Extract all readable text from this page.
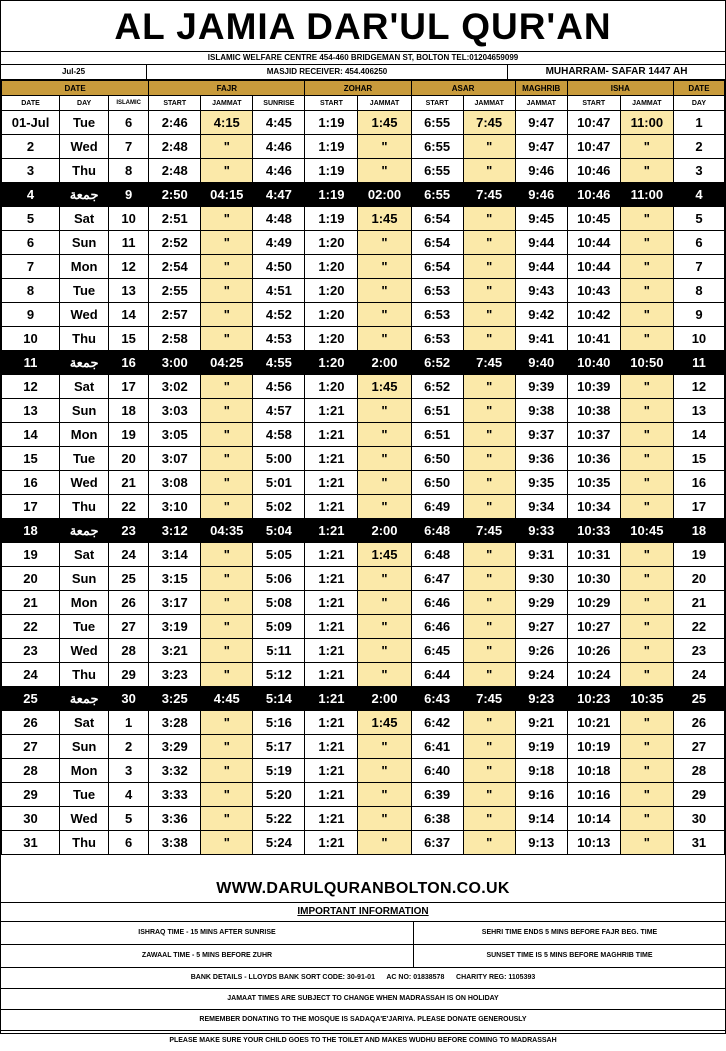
AL JAMIA DAR'UL QUR'AN
ISLAMIC WELFARE CENTRE 454-460 BRIDGEMAN ST, BOLTON TEL:01204659099
Jul-25	MASJID RECEIVER: 454.406250	MUHARRAM- SAFAR 1447 AH
DATE			FAJR			ZOHAR		ASAR		MAGHRIB	ISHA		DATE
DATE	DAY	ISLAMIC	START	JAMMAT	SUNRISE	START	JAMMAT	START	JAMMAT	JAMMAT	START	JAMMAT	DAY
01-Jul	Tue	6	2:46	4:15	4:45	1:19	1:45	6:55	7:45	9:47	10:47	11:00	1
2	Wed	7	2:48	"	4:46	1:19	"	6:55	"	9:47	10:47	"	2
3	Thu	8	2:48	"	4:46	1:19	"	6:55	"	9:46	10:46	"	3
4	جمعة	9	2:50	04:15	4:47	1:19	02:00	6:55	7:45	9:46	10:46	11:00	4
5	Sat	10	2:51	"	4:48	1:19	1:45	6:54	"	9:45	10:45	"	5
6	Sun	11	2:52	"	4:49	1:20	"	6:54	"	9:44	10:44	"	6
7	Mon	12	2:54	"	4:50	1:20	"	6:54	"	9:44	10:44	"	7
8	Tue	13	2:55	"	4:51	1:20	"	6:53	"	9:43	10:43	"	8
9	Wed	14	2:57	"	4:52	1:20	"	6:53	"	9:42	10:42	"	9
10	Thu	15	2:58	"	4:53	1:20	"	6:53	"	9:41	10:41	"	10
11	جمعة	16	3:00	04:25	4:55	1:20	2:00	6:52	7:45	9:40	10:40	10:50	11
12	Sat	17	3:02	"	4:56	1:20	1:45	6:52	"	9:39	10:39	"	12
13	Sun	18	3:03	"	4:57	1:21	"	6:51	"	9:38	10:38	"	13
14	Mon	19	3:05	"	4:58	1:21	"	6:51	"	9:37	10:37	"	14
15	Tue	20	3:07	"	5:00	1:21	"	6:50	"	9:36	10:36	"	15
16	Wed	21	3:08	"	5:01	1:21	"	6:50	"	9:35	10:35	"	16
17	Thu	22	3:10	"	5:02	1:21	"	6:49	"	9:34	10:34	"	17
18	جمعة	23	3:12	04:35	5:04	1:21	2:00	6:48	7:45	9:33	10:33	10:45	18
19	Sat	24	3:14	"	5:05	1:21	1:45	6:48	"	9:31	10:31	"	19
20	Sun	25	3:15	"	5:06	1:21	"	6:47	"	9:30	10:30	"	20
21	Mon	26	3:17	"	5:08	1:21	"	6:46	"	9:29	10:29	"	21
22	Tue	27	3:19	"	5:09	1:21	"	6:46	"	9:27	10:27	"	22
23	Wed	28	3:21	"	5:11	1:21	"	6:45	"	9:26	10:26	"	23
24	Thu	29	3:23	"	5:12	1:21	"	6:44	"	9:24	10:24	"	24
25	جمعة	30	3:25	4:45	5:14	1:21	2:00	6:43	7:45	9:23	10:23	10:35	25
26	Sat	1	3:28	"	5:16	1:21	1:45	6:42	"	9:21	10:21	"	26
27	Sun	2	3:29	"	5:17	1:21	"	6:41	"	9:19	10:19	"	27
28	Mon	3	3:32	"	5:19	1:21	"	6:40	"	9:18	10:18	"	28
29	Tue	4	3:33	"	5:20	1:21	"	6:39	"	9:16	10:16	"	29
30	Wed	5	3:36	"	5:22	1:21	"	6:38	"	9:14	10:14	"	30
31	Thu	6	3:38	"	5:24	1:21	"	6:37	"	9:13	10:13	"	31
WWW.DARULQURANBOLTON.CO.UK
IMPORTANT INFORMATION
ISHRAQ TIME - 15 MINS AFTER SUNRISE	SEHRI TIME ENDS 5 MINS BEFORE FAJR BEG. TIME
ZAWAAL TIME - 5 MINS BEFORE ZUHR	SUNSET TIME IS 5 MINS BEFORE MAGHRIB TIME
BANK DETAILS - LLOYDS BANK SORT CODE: 30-91-01      AC NO: 01838578      CHARITY REG: 1105393
JAMAAT TIMES ARE SUBJECT TO CHANGE WHEN MADRASSAH IS ON HOLIDAY
REMEMBER DONATING TO THE MOSQUE IS SADAQA'E'JARIYA. PLEASE DONATE GENEROUSLY
PLEASE MAKE SURE YOUR CHILD GOES TO THE TOILET AND MAKES WUDHU BEFORE COMING TO MADRASSAH
